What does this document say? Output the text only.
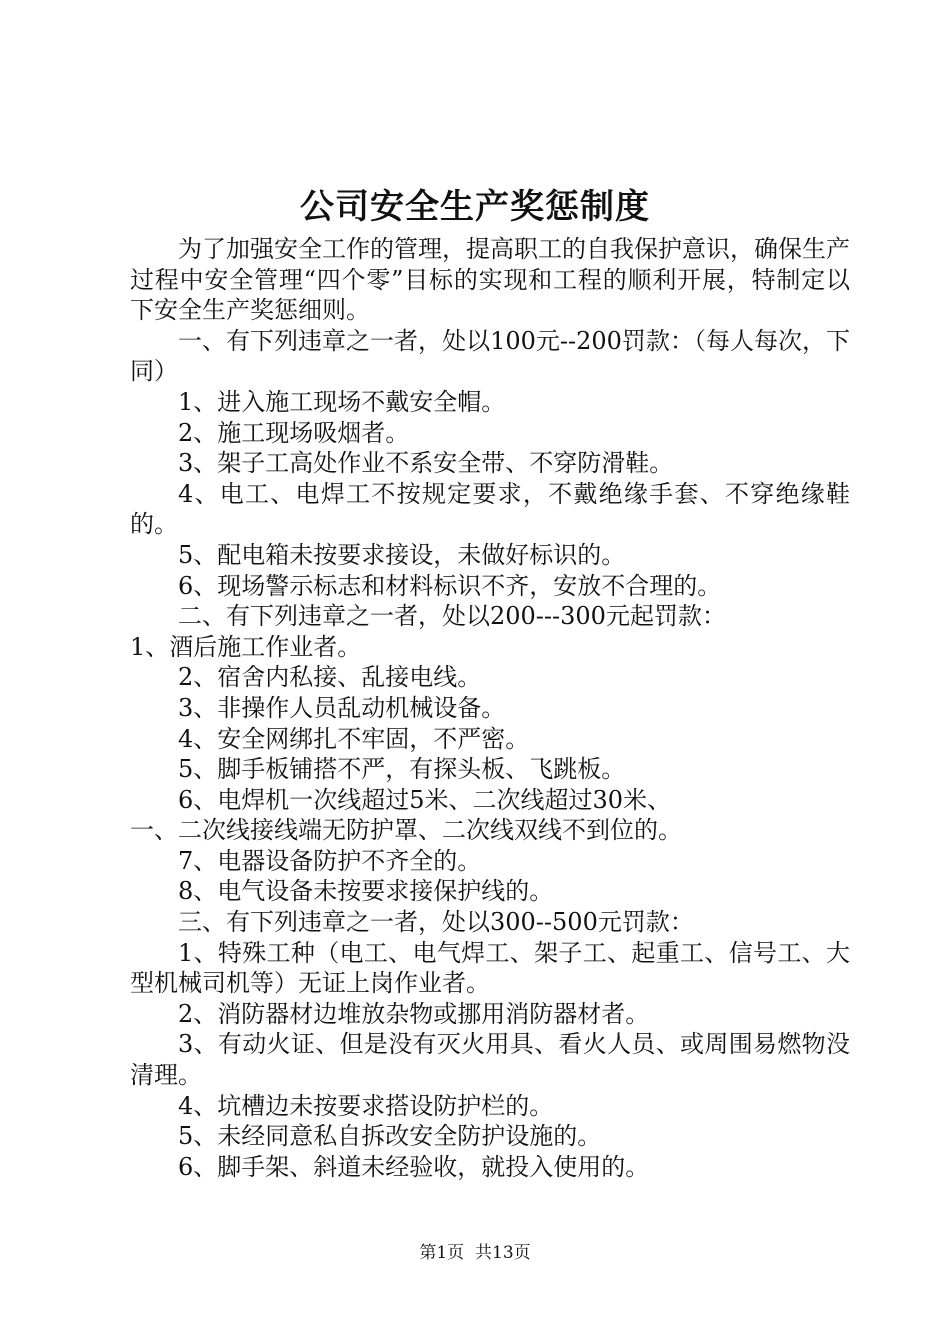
公司安全生产奖惩制度

为了加强安全工作的管理，提高职工的自我保护意识，确保生产过程中安全管理“四个零”目标的实现和工程的顺利开展，特制定以下安全生产奖惩细则。

一、有下列违章之一者，处以100元--200罚款：（每人每次，下同）

1、进入施工现场不戴安全帽。

2、施工现场吸烟者。

3、架子工高处作业不系安全带、不穿防滑鞋。

4、电工、电焊工不按规定要求，不戴绝缘手套、不穿绝缘鞋的。

5、配电箱未按要求接设，未做好标识的。

6、现场警示标志和材料标识不齐，安放不合理的。

二、有下列违章之一者，处以200---300元起罚款：

1、酒后施工作业者。

2、宿舍内私接、乱接电线。

3、非操作人员乱动机械设备。

4、安全网绑扎不牢固，不严密。

5、脚手板铺搭不严，有探头板、飞跳板。

6、电焊机一次线超过5米、二次线超过30米、

一、二次线接线端无防护罩、二次线双线不到位的。

7、电器设备防护不齐全的。

8、电气设备未按要求接保护线的。

三、有下列违章之一者，处以300--500元罚款：

1、特殊工种（电工、电气焊工、架子工、起重工、信号工、大型机械司机等）无证上岗作业者。

2、消防器材边堆放杂物或挪用消防器材者。

3、有动火证、但是没有灭火用具、看火人员、或周围易燃物没清理。

4、坑槽边未按要求搭设防护栏的。

5、未经同意私自拆改安全防护设施的。

6、脚手架、斜道未经验收，就投入使用的。

第1页 共13页
